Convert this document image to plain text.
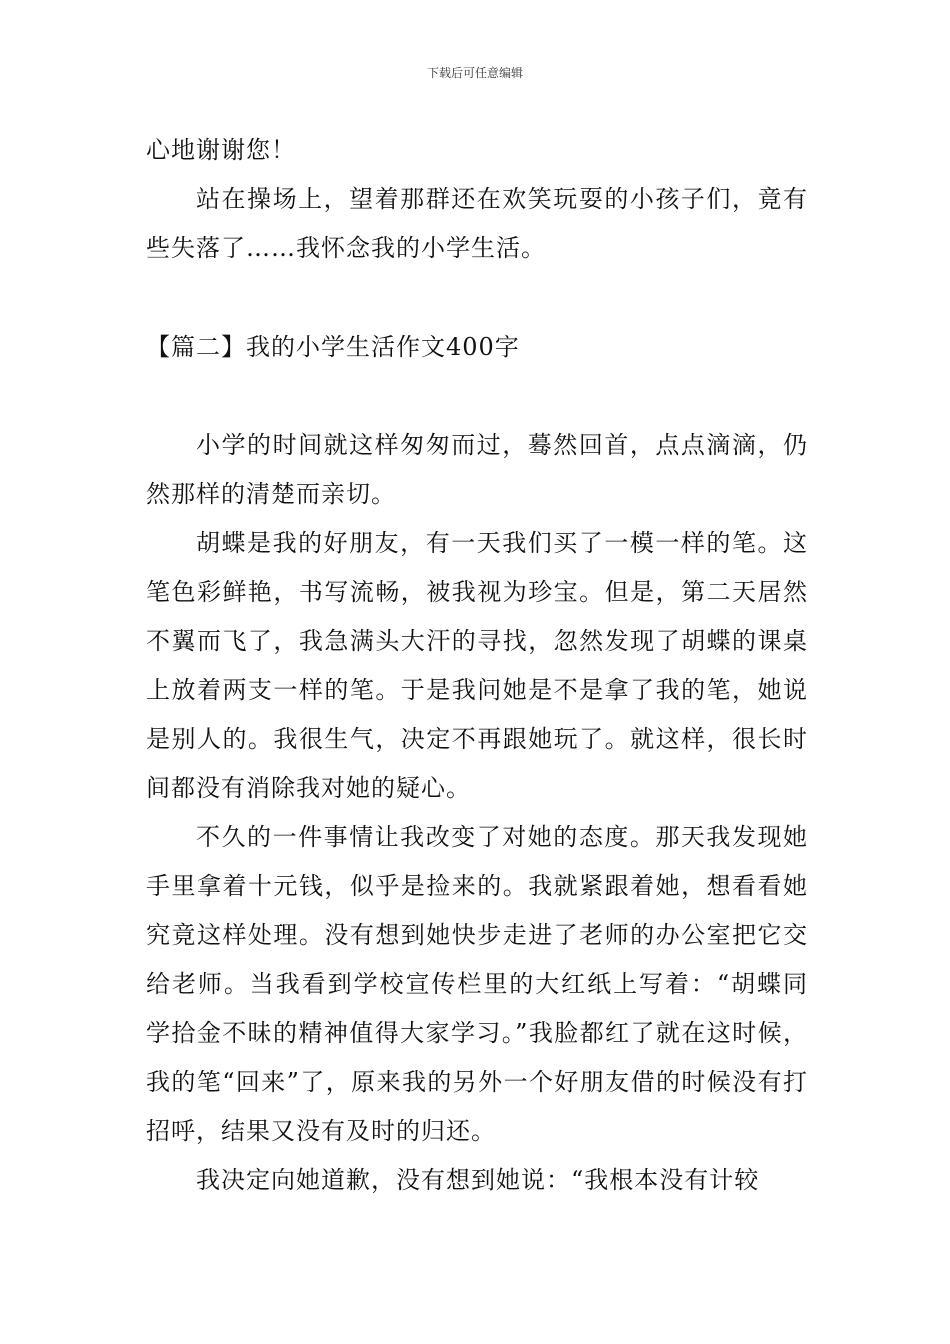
下载后可任意编辑

心地谢谢您！

站在操场上，望着那群还在欢笑玩耍的小孩子们，竟有些失落了……我怀念我的小学生活。

【篇二】我的小学生活作文400字

小学的时间就这样匆匆而过，蓦然回首，点点滴滴，仍然那样的清楚而亲切。

胡蝶是我的好朋友，有一天我们买了一模一样的笔。这笔色彩鲜艳，书写流畅，被我视为珍宝。但是，第二天居然不翼而飞了，我急满头大汗的寻找，忽然发现了胡蝶的课桌上放着两支一样的笔。于是我问她是不是拿了我的笔，她说是别人的。我很生气，决定不再跟她玩了。就这样，很长时间都没有消除我对她的疑心。

不久的一件事情让我改变了对她的态度。那天我发现她手里拿着十元钱，似乎是捡来的。我就紧跟着她，想看看她究竟这样处理。没有想到她快步走进了老师的办公室把它交给老师。当我看到学校宣传栏里的大红纸上写着：“胡蝶同学拾金不昧的精神值得大家学习。”我脸都红了就在这时候，我的笔“回来”了，原来我的另外一个好朋友借的时候没有打招呼，结果又没有及时的归还。

我决定向她道歉，没有想到她说：“我根本没有计较
